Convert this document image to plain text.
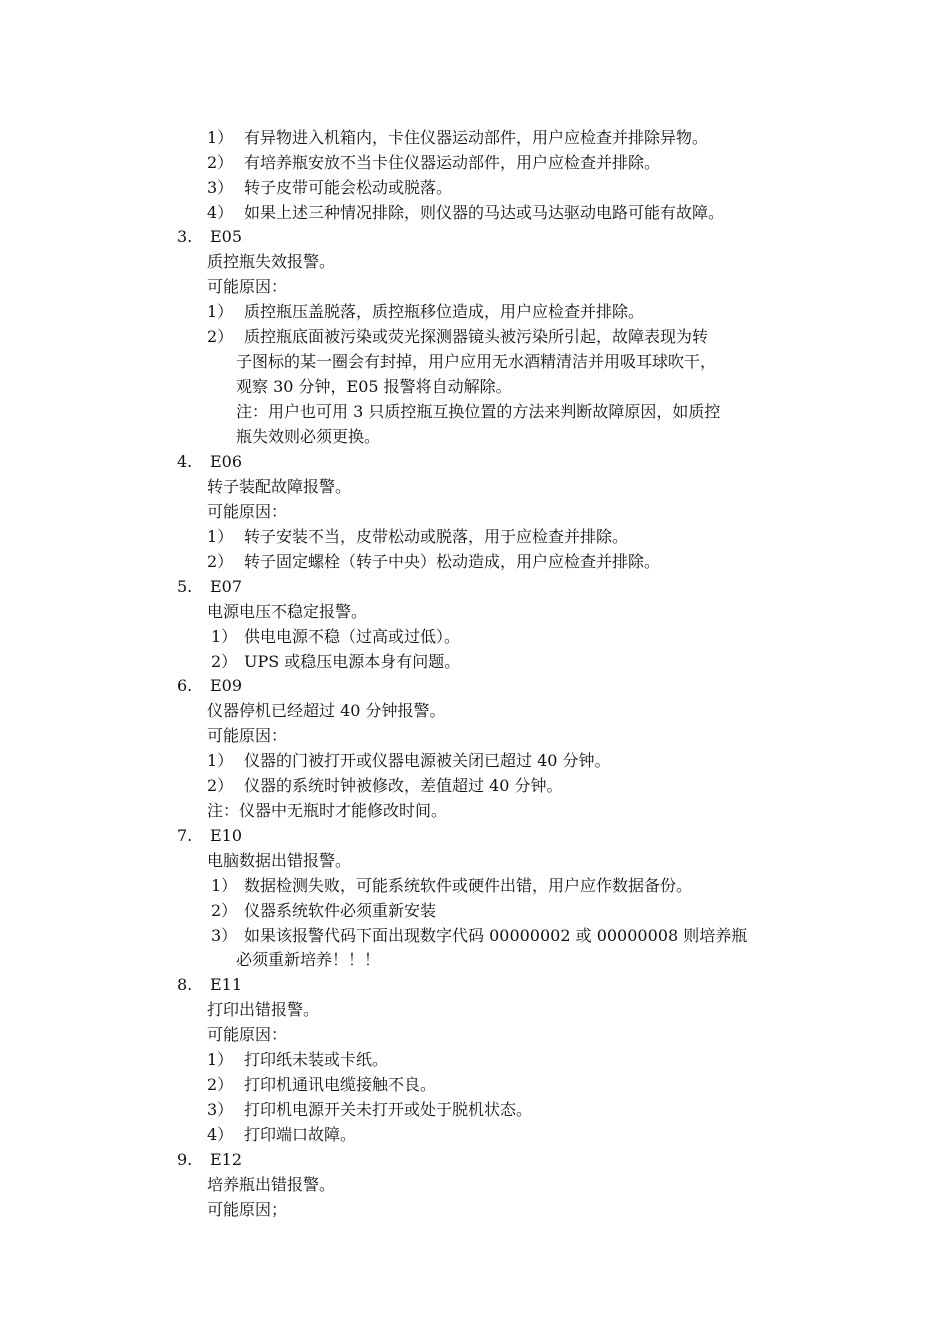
1） 有异物进入机箱内，卡住仪器运动部件，用户应检查并排除异物。
2） 有培养瓶安放不当卡住仪器运动部件，用户应检查并排除。
3） 转子皮带可能会松动或脱落。
4） 如果上述三种情况排除，则仪器的马达或马达驱动电路可能有故障。
3. E05
质控瓶失效报警。
可能原因：
1） 质控瓶压盖脱落，质控瓶移位造成，用户应检查并排除。
2） 质控瓶底面被污染或荧光探测器镜头被污染所引起，故障表现为转
子图标的某一圈会有封掉，用户应用无水酒精清洁并用吸耳球吹干，
观察 30 分钟，E05 报警将自动解除。
注：用户也可用 3 只质控瓶互换位置的方法来判断故障原因，如质控
瓶失效则必须更换。
4. E06
转子装配故障报警。
可能原因：
1） 转子安装不当，皮带松动或脱落，用于应检查并排除。
2） 转子固定螺栓（转子中央）松动造成，用户应检查并排除。
5. E07
电源电压不稳定报警。
1） 供电电源不稳（过高或过低）。
2） UPS 或稳压电源本身有问题。
6. E09
仪器停机已经超过 40 分钟报警。
可能原因：
1） 仪器的门被打开或仪器电源被关闭已超过 40 分钟。
2） 仪器的系统时钟被修改，差值超过 40 分钟。
注：仪器中无瓶时才能修改时间。
7. E10
电脑数据出错报警。
1） 数据检测失败，可能系统软件或硬件出错，用户应作数据备份。
2） 仪器系统软件必须重新安装
3） 如果该报警代码下面出现数字代码 00000002 或 00000008 则培养瓶
必须重新培养！！！
8. E11
打印出错报警。
可能原因：
1） 打印纸未装或卡纸。
2） 打印机通讯电缆接触不良。
3） 打印机电源开关未打开或处于脱机状态。
4） 打印端口故障。
9. E12
培养瓶出错报警。
可能原因；
